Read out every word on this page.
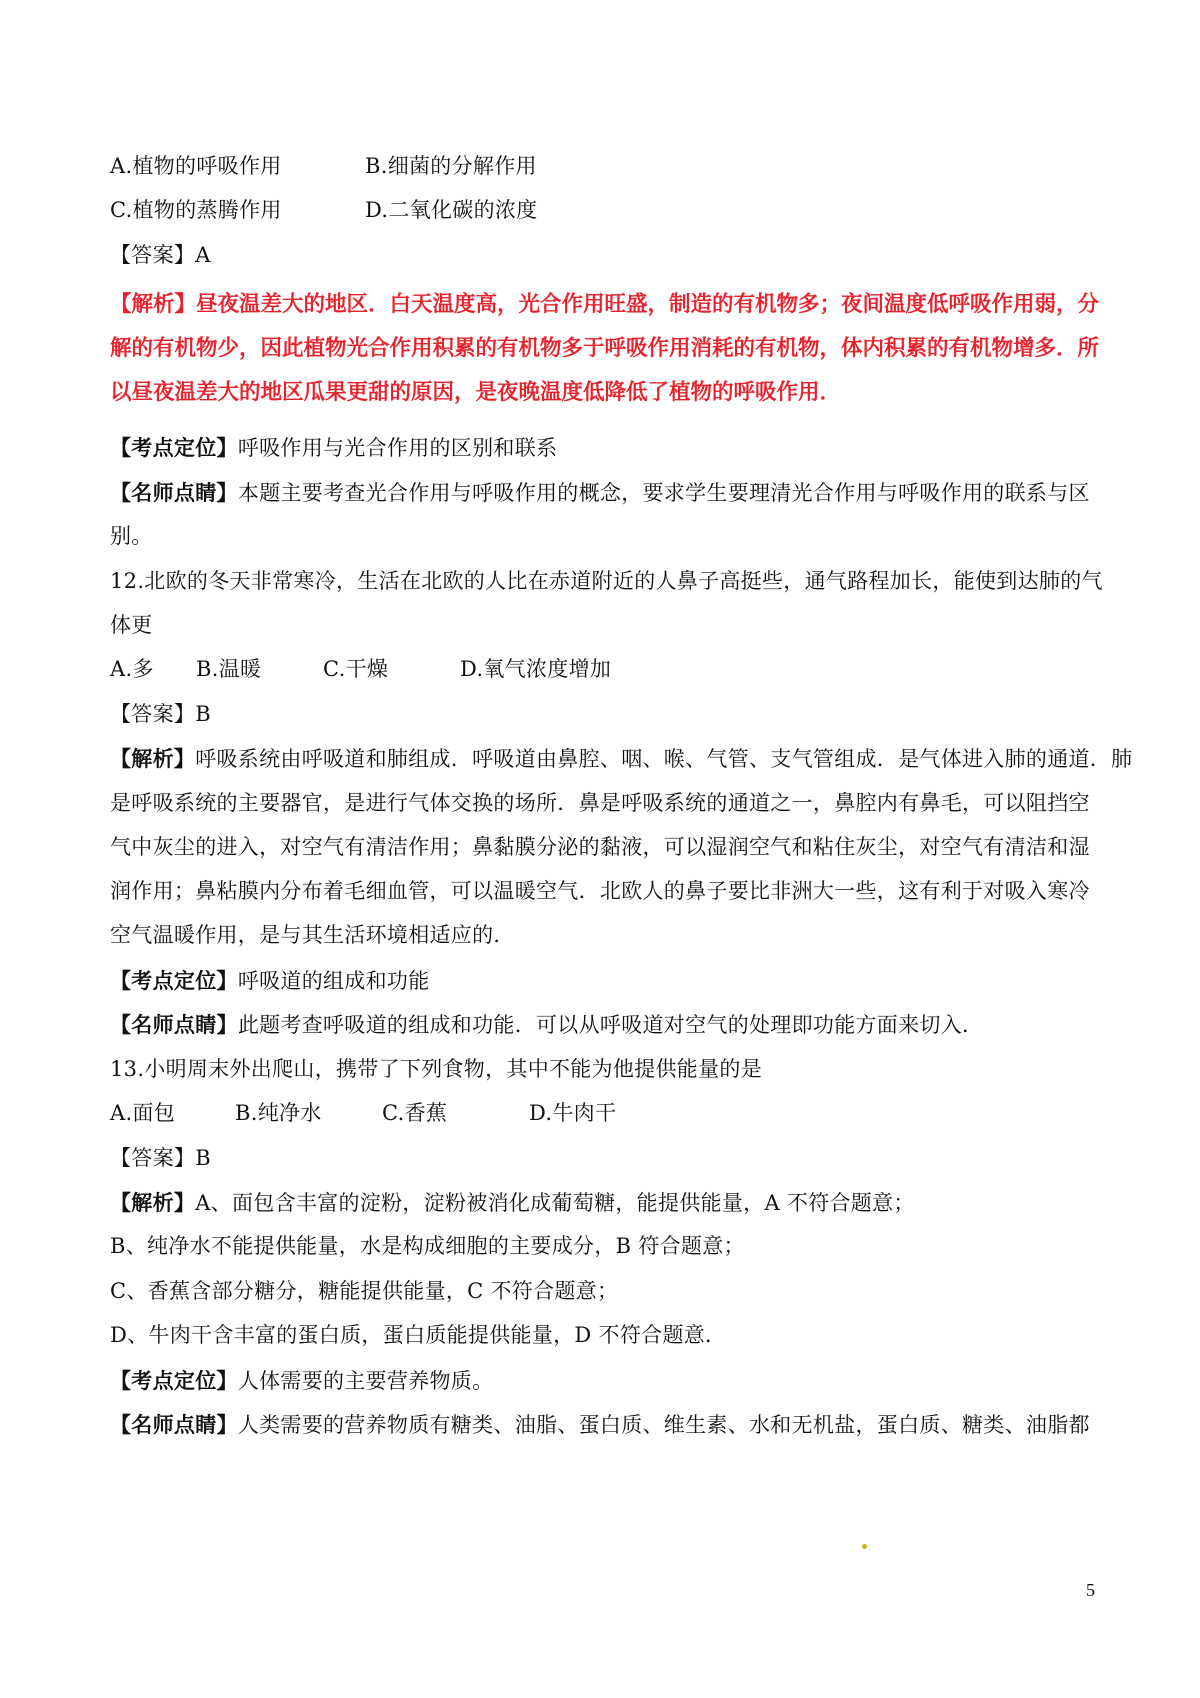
A.植物的呼吸作用	B.细菌的分解作用
C.植物的蒸腾作用	D.二氧化碳的浓度
【答案】A
【解析】昼夜温差大的地区．白天温度高，光合作用旺盛，制造的有机物多；夜间温度低呼吸作用弱，分
解的有机物少，因此植物光合作用积累的有机物多于呼吸作用消耗的有机物，体内积累的有机物增多．所
以昼夜温差大的地区瓜果更甜的原因，是夜晚温度低降低了植物的呼吸作用．
【考点定位】呼吸作用与光合作用的区别和联系
【名师点睛】本题主要考查光合作用与呼吸作用的概念，要求学生要理清光合作用与呼吸作用的联系与区
别。
12.北欧的冬天非常寒冷，生活在北欧的人比在赤道附近的人鼻子高挺些，通气路程加长，能使到达肺的气
体更
A.多 B.温暖	C.干燥	D.氧气浓度增加
【答案】B
【解析】呼吸系统由呼吸道和肺组成．呼吸道由鼻腔、咽、喉、气管、支气管组成．是气体进入肺的通道．肺
是呼吸系统的主要器官，是进行气体交换的场所．鼻是呼吸系统的通道之一，鼻腔内有鼻毛，可以阻挡空
气中灰尘的进入，对空气有清洁作用；鼻黏膜分泌的黏液，可以湿润空气和粘住灰尘，对空气有清洁和湿
润作用；鼻粘膜内分布着毛细血管，可以温暖空气．北欧人的鼻子要比非洲大一些，这有利于对吸入寒冷
空气温暖作用，是与其生活环境相适应的．
【考点定位】呼吸道的组成和功能
【名师点睛】此题考查呼吸道的组成和功能．可以从呼吸道对空气的处理即功能方面来切入．
13.小明周末外出爬山，携带了下列食物，其中不能为他提供能量的是
A.面包	B.纯净水	C.香蕉	D.牛肉干
【答案】B
【解析】A、面包含丰富的淀粉，淀粉被消化成葡萄糖，能提供能量，A 不符合题意；
B、纯净水不能提供能量，水是构成细胞的主要成分，B 符合题意；
C、香蕉含部分糖分，糖能提供能量，C 不符合题意；
D、牛肉干含丰富的蛋白质，蛋白质能提供能量，D 不符合题意．
【考点定位】人体需要的主要营养物质。
【名师点睛】人类需要的营养物质有糖类、油脂、蛋白质、维生素、水和无机盐，蛋白质、糖类、油脂都
5
